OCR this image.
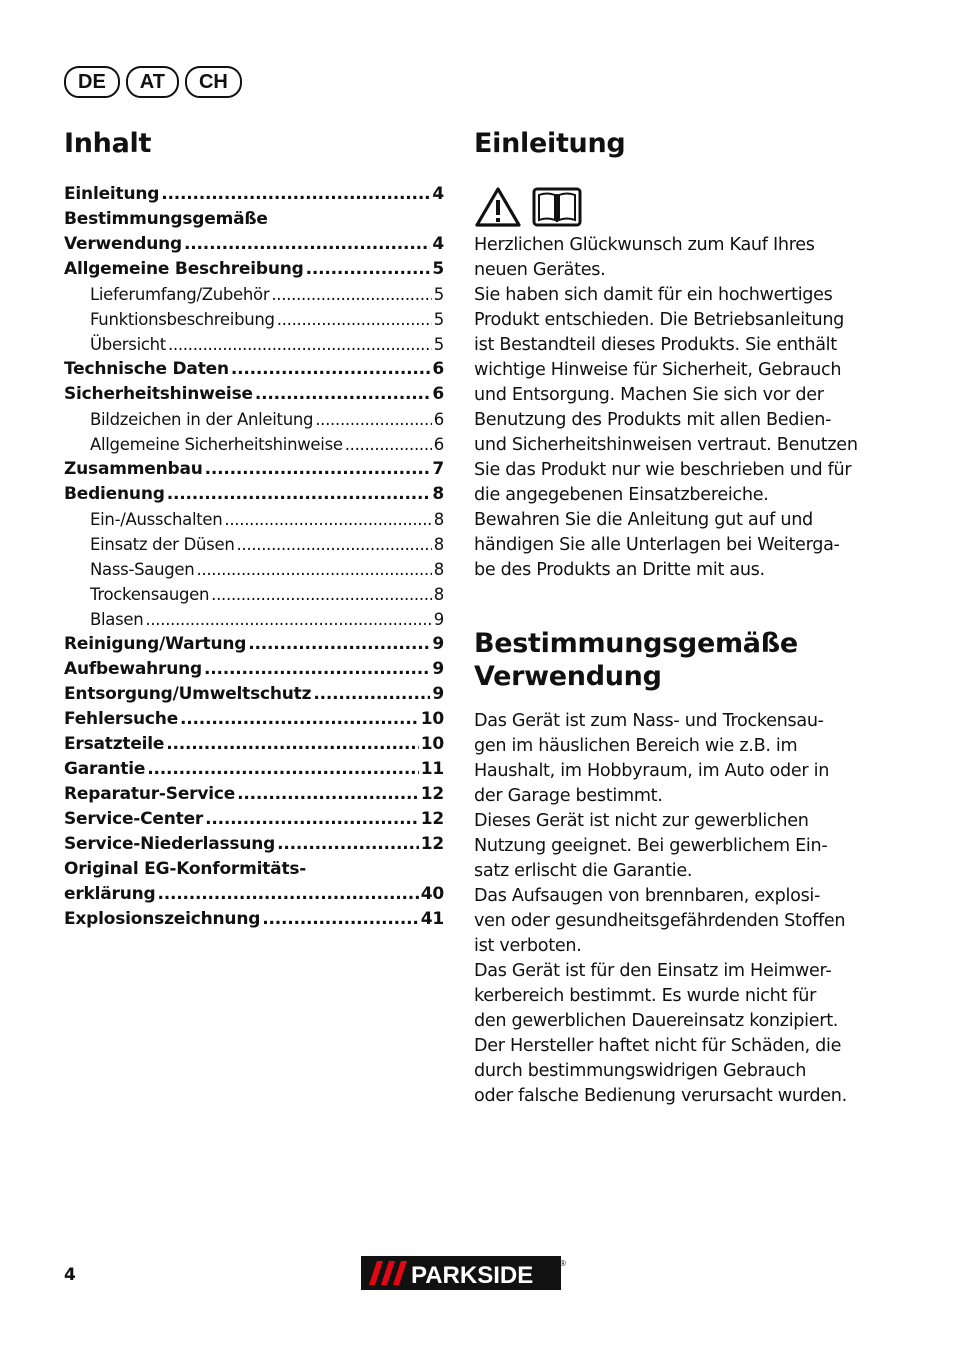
DE	AT	CH
Inhalt
Einleitung .....	4
Bestimmungsgemäße
Verwendung .....	4
Allgemeine Beschreibung .....	5
Lieferumfang/Zubehör .....	5
Funktionsbeschreibung .....	5
Übersicht .....	5
Technische Daten .....	6
Sicherheitshinweise .....	6
Bildzeichen in der Anleitung .....	6
Allgemeine Sicherheitshinweise .....	6
Zusammenbau .....	7
Bedienung .....	8
Ein-/Ausschalten .....	8
Einsatz der Düsen .....	8
Nass-Saugen .....	8
Trockensaugen .....	8
Blasen .....	9
Reinigung/Wartung .....	9
Aufbewahrung .....	9
Entsorgung/Umweltschutz .....	9
Fehlersuche .....	10
Ersatzteile .....	10
Garantie .....	11
Reparatur-Service .....	12
Service-Center .....	12
Service-Niederlassung .....	12
Original EG-Konformitäts-
erklärung .....	40
Explosionszeichnung .....	41
Einleitung
Herzlichen Glückwunsch zum Kauf Ihres
neuen Gerätes.
Sie haben sich damit für ein hochwertiges
Produkt entschieden. Die Betriebsanleitung
ist Bestandteil dieses Produkts. Sie enthält
wichtige Hinweise für Sicherheit, Gebrauch
und Entsorgung. Machen Sie sich vor der
Benutzung des Produkts mit allen Bedien-
und Sicherheitshinweisen vertraut. Benutzen
Sie das Produkt nur wie beschrieben und für
die angegebenen Einsatzbereiche.
Bewahren Sie die Anleitung gut auf und
händigen Sie alle Unterlagen bei Weiterga-
be des Produkts an Dritte mit aus.
Bestimmungsgemäße
Verwendung
Das Gerät ist zum Nass- und Trockensau-
gen im häuslichen Bereich wie z.B. im
Haushalt, im Hobbyraum, im Auto oder in
der Garage bestimmt.
Dieses Gerät ist nicht zur gewerblichen
Nutzung geeignet. Bei gewerblichem Ein-
satz erlischt die Garantie.
Das Aufsaugen von brennbaren, explosi-
ven oder gesundheitsgefährdenden Stoffen
ist verboten.
Das Gerät ist für den Einsatz im Heimwer-
kerbereich bestimmt. Es wurde nicht für
den gewerblichen Dauereinsatz konzipiert.
Der Hersteller haftet nicht für Schäden, die
durch bestimmungswidrigen Gebrauch
oder falsche Bedienung verursacht wurden.
4	PARKSIDE	®
